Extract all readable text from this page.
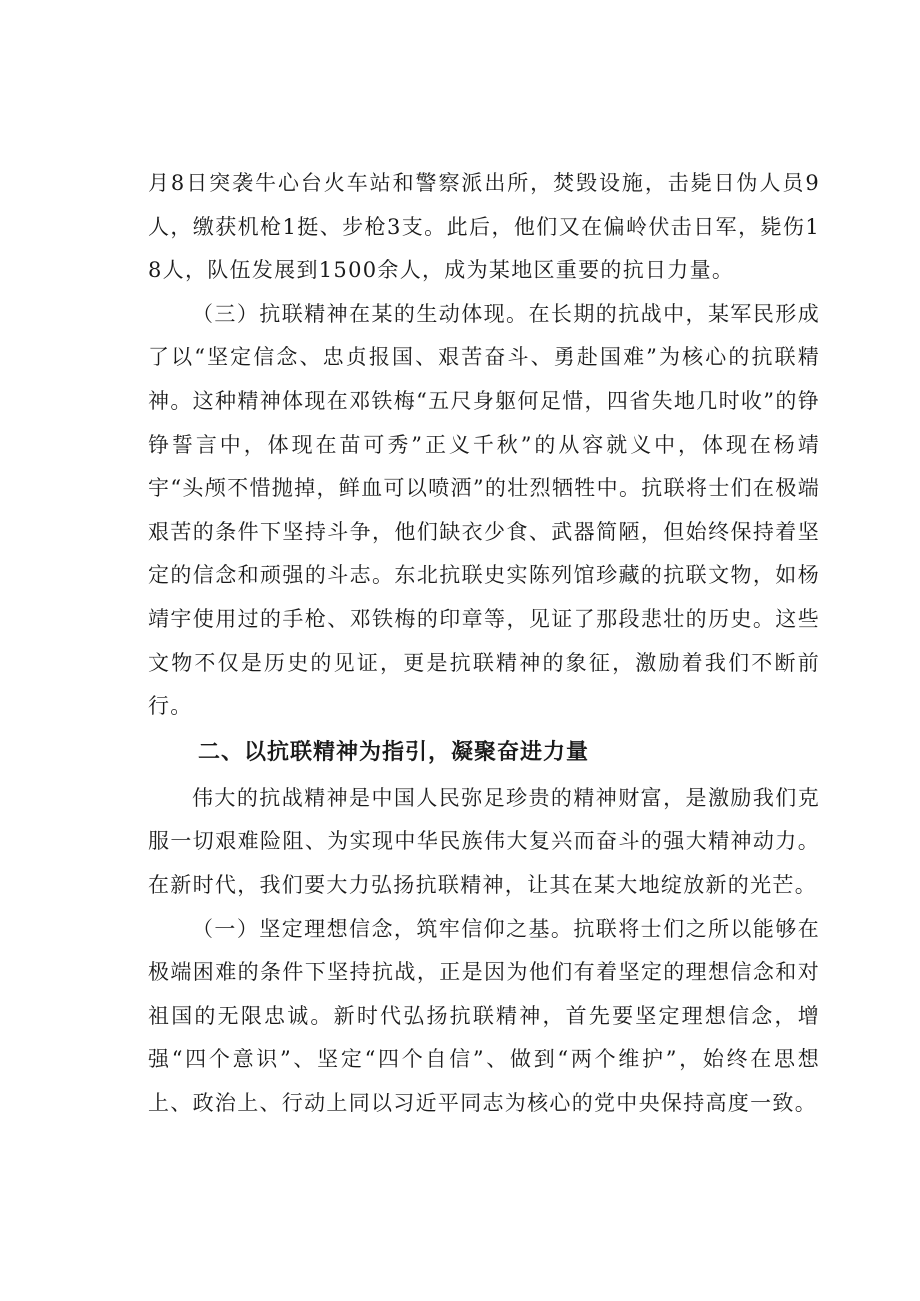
月8日突袭牛心台火车站和警察派出所，焚毁设施，击毙日伪人员9人，缴获机枪1挺、步枪3支。此后，他们又在偏岭伏击日军，毙伤18人，队伍发展到1500余人，成为某地区重要的抗日力量。

（三）抗联精神在某的生动体现。在长期的抗战中，某军民形成了以“坚定信念、忠贞报国、艰苦奋斗、勇赴国难”为核心的抗联精神。这种精神体现在邓铁梅“五尺身躯何足惜，四省失地几时收”的铮铮誓言中，体现在苗可秀”正义千秋”的从容就义中，体现在杨靖宇“头颅不惜抛掉，鲜血可以喷洒”的壮烈牺牲中。抗联将士们在极端艰苦的条件下坚持斗争，他们缺衣少食、武器简陋，但始终保持着坚定的信念和顽强的斗志。东北抗联史实陈列馆珍藏的抗联文物，如杨靖宇使用过的手枪、邓铁梅的印章等，见证了那段悲壮的历史。这些文物不仅是历史的见证，更是抗联精神的象征，激励着我们不断前行。

二、以抗联精神为指引，凝聚奋进力量

伟大的抗战精神是中国人民弥足珍贵的精神财富，是激励我们克服一切艰难险阻、为实现中华民族伟大复兴而奋斗的强大精神动力。在新时代，我们要大力弘扬抗联精神，让其在某大地绽放新的光芒。

（一）坚定理想信念，筑牢信仰之基。抗联将士们之所以能够在极端困难的条件下坚持抗战，正是因为他们有着坚定的理想信念和对祖国的无限忠诚。新时代弘扬抗联精神，首先要坚定理想信念，增强“四个意识”、坚定“四个自信”、做到“两个维护”，始终在思想上、政治上、行动上同以习近平同志为核心的党中央保持高度一致。
